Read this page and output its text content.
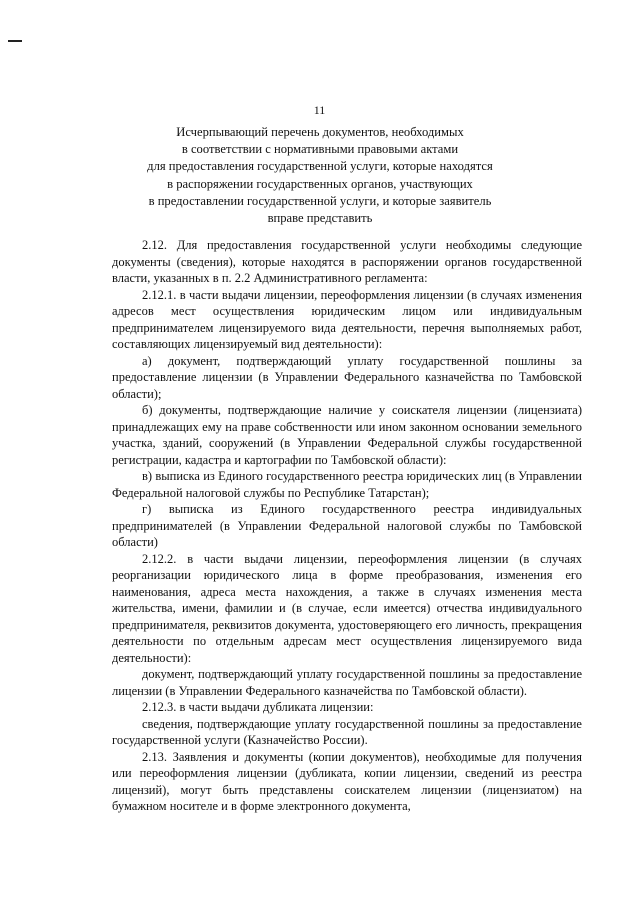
11
Исчерпывающий перечень документов, необходимых
в соответствии с нормативными правовыми актами
для предоставления государственной услуги, которые находятся
в распоряжении государственных органов, участвующих
в предоставлении государственной услуги, и которые заявитель
вправе представить

2.12. Для предоставления государственной услуги необходимы следующие документы (сведения), которые находятся в распоряжении органов государственной власти, указанных в п. 2.2 Административного регламента:

2.12.1. в части выдачи лицензии, переоформления лицензии (в случаях изменения адресов мест осуществления юридическим лицом или индивидуальным предпринимателем лицензируемого вида деятельности, перечня выполняемых работ, составляющих лицензируемый вид деятельности):

а) документ, подтверждающий уплату государственной пошлины за предоставление лицензии (в Управлении Федерального казначейства по Тамбовской области);

б) документы, подтверждающие наличие у соискателя лицензии (лицензиата) принадлежащих ему на праве собственности или ином законном основании земельного участка, зданий, сооружений (в Управлении Федеральной службы государственной регистрации, кадастра и картографии по Тамбовской области):

в) выписка из Единого государственного реестра юридических лиц (в Управлении Федеральной налоговой службы по Республике Татарстан);

г) выписка из Единого государственного реестра индивидуальных предпринимателей (в Управлении Федеральной налоговой службы по Тамбовской области)

2.12.2. в части выдачи лицензии, переоформления лицензии (в случаях реорганизации юридического лица в форме преобразования, изменения его наименования, адреса места нахождения, а также в случаях изменения места жительства, имени, фамилии и (в случае, если имеется) отчества индивидуального предпринимателя, реквизитов документа, удостоверяющего его личность, прекращения деятельности по отдельным адресам мест осуществления лицензируемого вида деятельности):

документ, подтверждающий уплату государственной пошлины за предоставление лицензии (в Управлении Федерального казначейства по Тамбовской области).

2.12.3. в части выдачи дубликата лицензии:

сведения, подтверждающие уплату государственной пошлины за предоставление государственной услуги (Казначейство России).

2.13. Заявления и документы (копии документов), необходимые для получения или переоформления лицензии (дубликата, копии лицензии, сведений из реестра лицензий), могут быть представлены соискателем лицензии (лицензиатом) на бумажном носителе и в форме электронного документа,
